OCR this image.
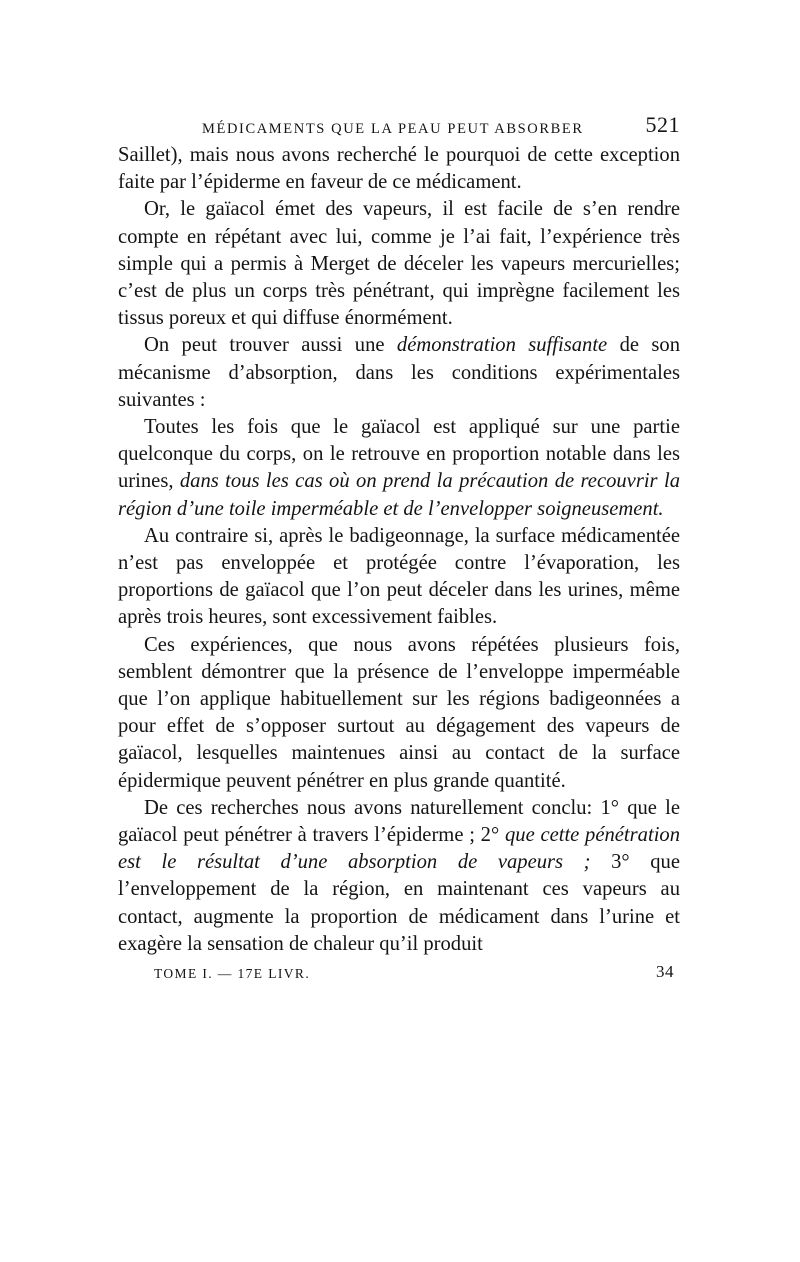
MÉDICAMENTS QUE LA PEAU PEUT ABSORBER	521

Saillet), mais nous avons recherché le pourquoi de cette exception faite par l’épiderme en faveur de ce médicament.

Or, le gaïacol émet des vapeurs, il est facile de s’en rendre compte en répétant avec lui, comme je l’ai fait, l’expérience très simple qui a permis à Merget de déceler les vapeurs mercurielles; c’est de plus un corps très pénétrant, qui imprègne facilement les tissus poreux et qui diffuse énormément.

On peut trouver aussi une démonstration suffisante de son mécanisme d’absorption, dans les conditions expérimentales suivantes :

Toutes les fois que le gaïacol est appliqué sur une partie quelconque du corps, on le retrouve en proportion notable dans les urines, dans tous les cas où on prend la précaution de recouvrir la région d’une toile imperméable et de l’envelopper soigneusement.

Au contraire si, après le badigeonnage, la surface médicamentée n’est pas enveloppée et protégée contre l’évaporation, les proportions de gaïacol que l’on peut déceler dans les urines, même après trois heures, sont excessivement faibles.

Ces expériences, que nous avons répétées plusieurs fois, semblent démontrer que la présence de l’enveloppe imperméable que l’on applique habituellement sur les régions badigeonnées a pour effet de s’opposer surtout au dégagement des vapeurs de gaïacol, lesquelles maintenues ainsi au contact de la surface épidermique peuvent pénétrer en plus grande quantité.

De ces recherches nous avons naturellement conclu: 1° que le gaïacol peut pénétrer à travers l’épiderme ; 2° que cette pénétration est le résultat d’une absorption de vapeurs ; 3° que l’enveloppement de la région, en maintenant ces vapeurs au contact, augmente la proportion de médicament dans l’urine et exagère la sensation de chaleur qu’il produit

TOME I. — 17E LIVR.	34
